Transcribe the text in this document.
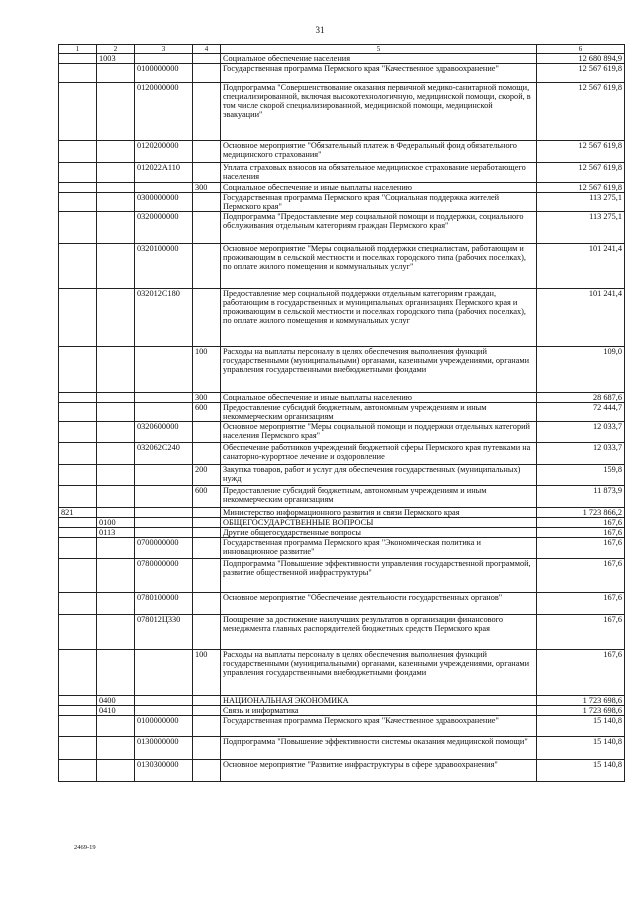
31
1	2	3	4	5	6
	1003			Социальное обеспечение населения	12 680 894,9
		0100000000		Государственная программа Пермского края "Качественное здравоохранение"	12 567 619,8
		0120000000		Подпрограмма "Совершенствование оказания первичной медико-санитарной помощи, специализированной, включая высокотехнологичную, медицинской помощи, скорой, в том числе скорой специализированной, медицинской помощи, медицинской эвакуации"	12 567 619,8
		0120200000		Основное мероприятие "Обязательный платеж в Федеральный фонд обязательного медицинского страхования"	12 567 619,8
		012022А110		Уплата страховых взносов на обязательное медицинское страхование неработающего населения	12 567 619,8
			300	Социальное обеспечение и иные выплаты населению	12 567 619,8
		0300000000		Государственная программа Пермского края "Социальная поддержка жителей Пермского края"	113 275,1
		0320000000		Подпрограмма "Предоставление мер социальной помощи и поддержки, социального обслуживания отдельным категориям граждан Пермского края"	113 275,1
		0320100000		Основное мероприятие "Меры социальной поддержки специалистам, работающим и проживающим в сельской местности и поселках городского типа (рабочих поселках), по оплате жилого помещения и коммунальных услуг"	101 241,4
		032012С180		Предоставление мер социальной поддержки отдельным категориям граждан, работающим в государственных и муниципальных организациях Пермского края и проживающим в сельской местности и поселках городского типа (рабочих поселках), по оплате жилого помещения и коммунальных услуг	101 241,4
			100	Расходы на выплаты персоналу в целях обеспечения выполнения функций государственными (муниципальными) органами, казенными учреждениями, органами управления государственными внебюджетными фондами	109,0
			300	Социальное обеспечение и иные выплаты населению	28 687,6
			600	Предоставление субсидий бюджетным, автономным учреждениям и иным некоммерческим организациям	72 444,7
		0320600000		Основное мероприятие "Меры социальной помощи и поддержки отдельных категорий населения Пермского края"	12 033,7
		032062С240		Обеспечение работников учреждений бюджетной сферы Пермского края путевками на санаторно-курортное лечение и оздоровление	12 033,7
			200	Закупка товаров, работ и услуг для обеспечения государственных (муниципальных) нужд	159,8
			600	Предоставление субсидий бюджетным, автономным учреждениям и иным некоммерческим организациям	11 873,9
821				Министерство информационного развития и связи Пермского края	1 723 866,2
	0100			ОБЩЕГОСУДАРСТВЕННЫЕ ВОПРОСЫ	167,6
	0113			Другие общегосударственные вопросы	167,6
		0700000000		Государственная программа Пермского края "Экономическая политика и инновационное развитие"	167,6
		0780000000		Подпрограмма "Повышение эффективности управления государственной программой, развитие общественной инфраструктуры"	167,6
		0780100000		Основное мероприятие "Обеспечение деятельности государственных органов"	167,6
		078012Ц330		Поощрение за достижение наилучших результатов в организации финансового менеджмента главных распорядителей бюджетных средств Пермского края	167,6
			100	Расходы на выплаты персоналу в целях обеспечения выполнения функций государственными (муниципальными) органами, казенными учреждениями, органами управления государственными внебюджетными фондами	167,6
	0400			НАЦИОНАЛЬНАЯ ЭКОНОМИКА	1 723 698,6
	0410			Связь и информатика	1 723 698,6
		0100000000		Государственная программа Пермского края "Качественное здравоохранение"	15 140,8
		0130000000		Подпрограмма "Повышение эффективности системы оказания медицинской помощи"	15 140,8
		0130300000		Основное мероприятие "Развитие инфраструктуры в сфере здравоохранения"	15 140,8
2469-19
